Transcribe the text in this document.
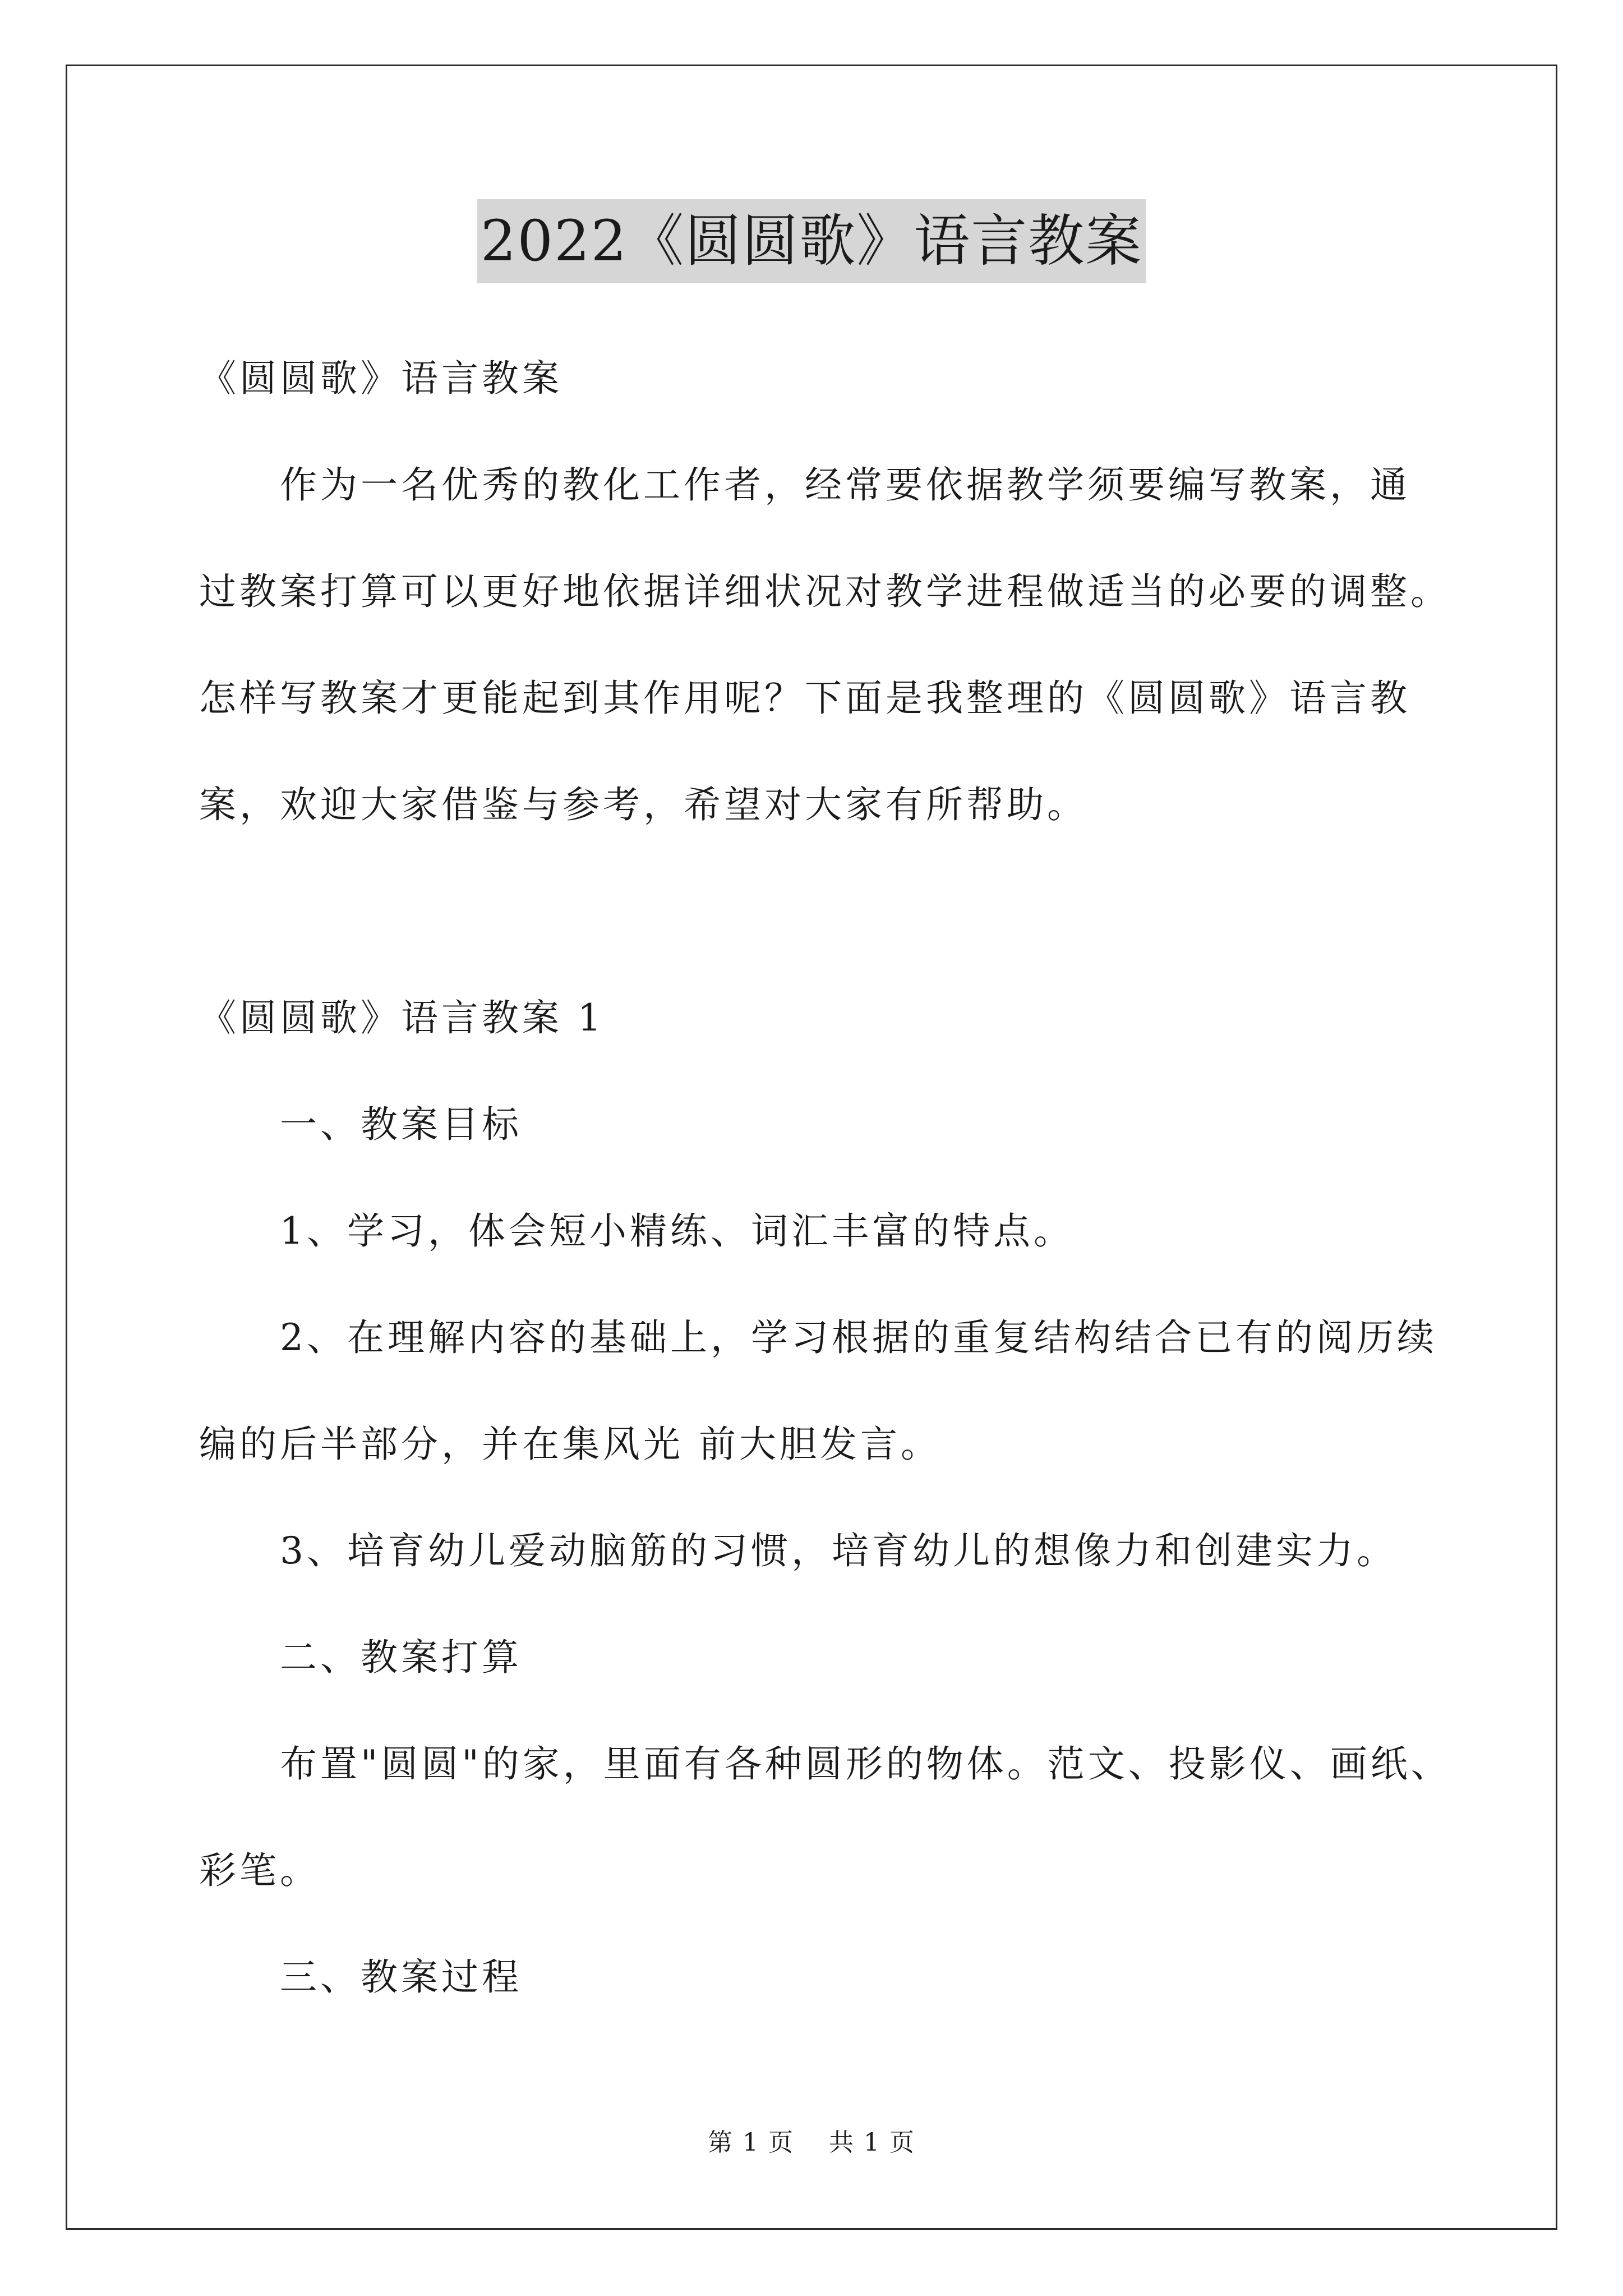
2022《圆圆歌》语言教案
《圆圆歌》语言教案
　　作为一名优秀的教化工作者，经常要依据教学须要编写教案，通
过教案打算可以更好地依据详细状况对教学进程做适当的必要的调整。
怎样写教案才更能起到其作用呢？下面是我整理的《圆圆歌》语言教
案，欢迎大家借鉴与参考，希望对大家有所帮助。
《圆圆歌》语言教案 1
　　一、教案目标
　　1、学习，体会短小精练、词汇丰富的特点。
　　2、在理解内容的基础上，学习根据的重复结构结合已有的阅历续
编的后半部分，并在集风光 前大胆发言。
　　3、培育幼儿爱动脑筋的习惯，培育幼儿的想像力和创建实力。
　　二、教案打算
　　布置"圆圆"的家，里面有各种圆形的物体。范文、投影仪、画纸、
彩笔。
　　三、教案过程
第 1 页　 共 1 页
